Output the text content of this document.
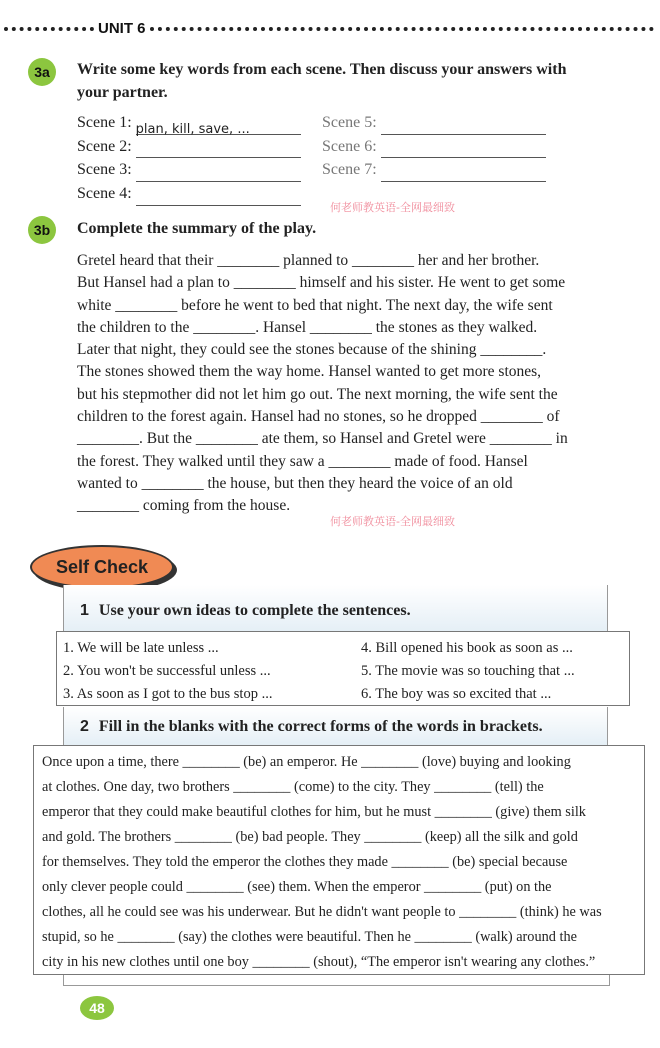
UNIT 6
3a	Write some key words from each scene. Then discuss your answers with
your partner.
Scene 1: plan, kill, save, ...
Scene 2:
Scene 3:
Scene 4:
Scene 5:
Scene 6:
Scene 7:
何老师教英语-全网最细致
3b	Complete the summary of the play.
Gretel heard that their ________ planned to ________ her and her brother.
But Hansel had a plan to ________ himself and his sister. He went to get some
white ________ before he went to bed that night. The next day, the wife sent
the children to the ________. Hansel ________ the stones as they walked.
Later that night, they could see the stones because of the shining ________.
The stones showed them the way home. Hansel wanted to get more stones,
but his stepmother did not let him go out. The next morning, the wife sent the
children to the forest again. Hansel had no stones, so he dropped ________ of
________. But the ________ ate them, so Hansel and Gretel were ________ in
the forest. They walked until they saw a ________ made of food. Hansel
wanted to ________ the house, but then they heard the voice of an old
________ coming from the house.
何老师教英语-全网最细致
Self Check
1 Use your own ideas to complete the sentences.
1. We will be late unless ...	4. Bill opened his book as soon as ...
2. You won't be successful unless ...	5. The movie was so touching that ...
3. As soon as I got to the bus stop ...	6. The boy was so excited that ...
2 Fill in the blanks with the correct forms of the words in brackets.
Once upon a time, there ________ (be) an emperor. He ________ (love) buying and looking
at clothes. One day, two brothers ________ (come) to the city. They ________ (tell) the
emperor that they could make beautiful clothes for him, but he must ________ (give) them silk
and gold. The brothers ________ (be) bad people. They ________ (keep) all the silk and gold
for themselves. They told the emperor the clothes they made ________ (be) special because
only clever people could ________ (see) them. When the emperor ________ (put) on the
clothes, all he could see was his underwear. But he didn't want people to ________ (think) he was
stupid, so he ________ (say) the clothes were beautiful. Then he ________ (walk) around the
city in his new clothes until one boy ________ (shout), “The emperor isn't wearing any clothes.”
48
